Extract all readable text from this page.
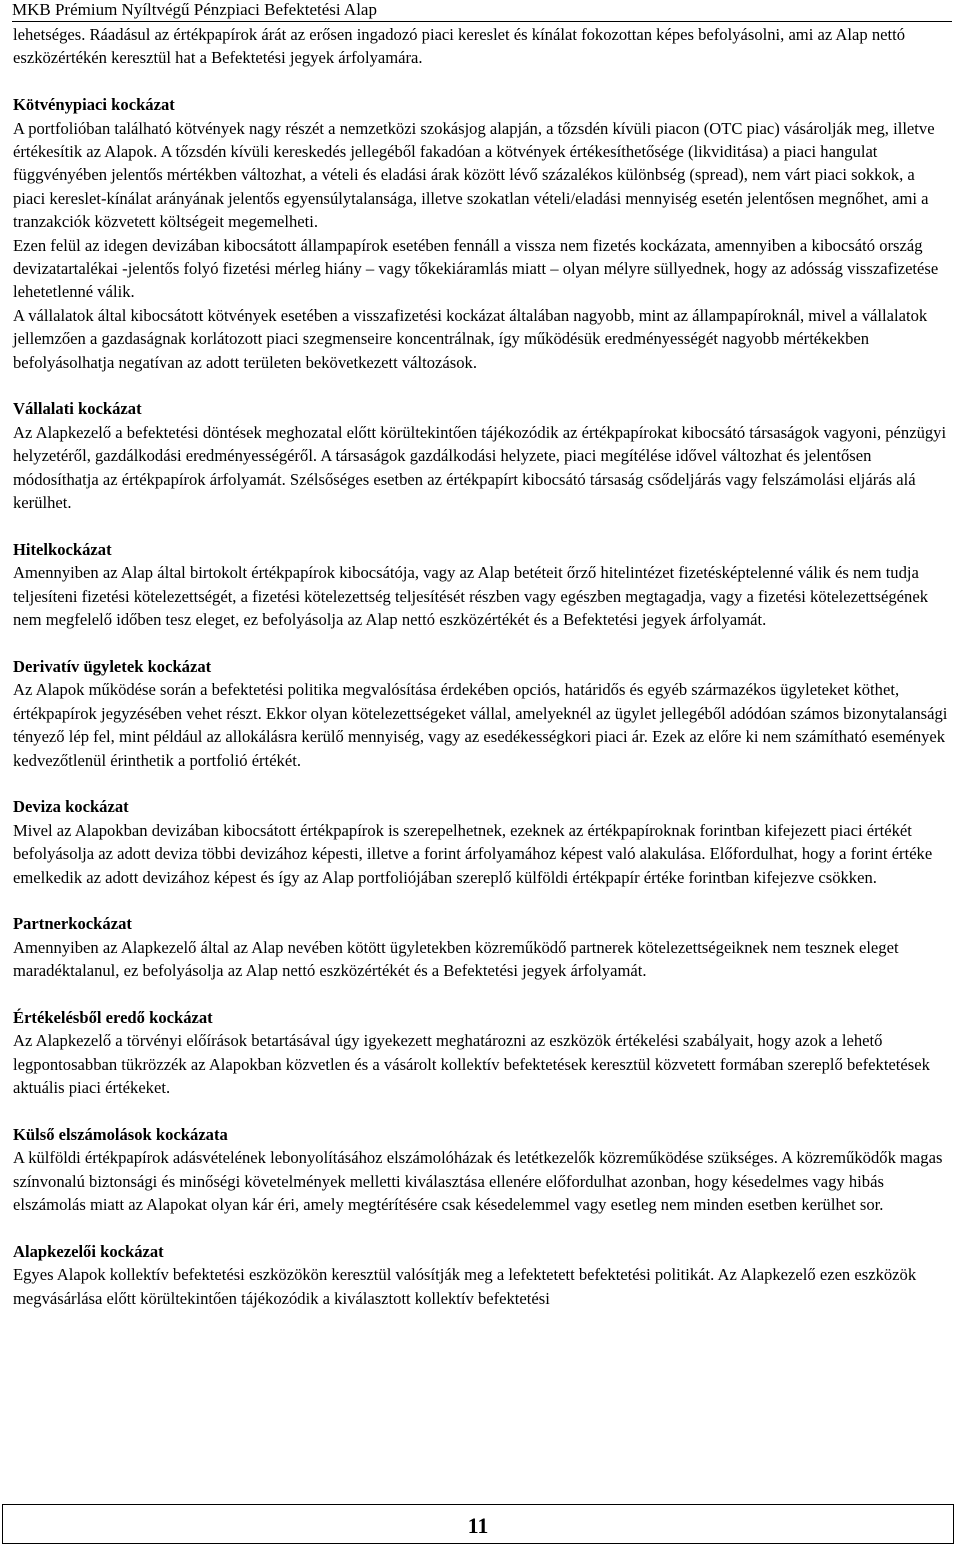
MKB Prémium Nyíltvégű Pénzpiaci Befektetési Alap

lehetséges. Ráadásul az értékpapírok árát az erősen ingadozó piaci kereslet és kínálat fokozottan képes befolyásolni, ami az Alap nettó eszközértékén keresztül hat a Befektetési jegyek árfolyamára.

Kötvénypiaci kockázat

A portfolióban található kötvények nagy részét a nemzetközi szokásjog alapján, a tőzsdén kívüli piacon (OTC piac) vásárolják meg, illetve értékesítik az Alapok. A tőzsdén kívüli kereskedés jellegéből fakadóan a kötvények értékesíthetősége (likviditása) a piaci hangulat függvényében jelentős mértékben változhat, a vételi és eladási árak között lévő százalékos különbség (spread), nem várt piaci sokkok, a piaci kereslet-kínálat arányának jelentős egyensúlytalansága, illetve szokatlan vételi/eladási mennyiség esetén jelentősen megnőhet, ami a tranzakciók közvetett költségeit megemelheti.

Ezen felül az idegen devizában kibocsátott állampapírok esetében fennáll a vissza nem fizetés kockázata, amennyiben a kibocsátó ország devizatartalékai -jelentős folyó fizetési mérleg hiány – vagy tőkekiáramlás miatt – olyan mélyre süllyednek, hogy az adósság visszafizetése lehetetlenné válik.

A vállalatok által kibocsátott kötvények esetében a visszafizetési kockázat általában nagyobb, mint az állampapíroknál, mivel a vállalatok jellemzően a gazdaságnak korlátozott piaci szegmenseire koncentrálnak, így működésük eredményességét nagyobb mértékekben befolyásolhatja negatívan az adott területen bekövetkezett változások.

Vállalati kockázat

Az Alapkezelő a befektetési döntések meghozatal előtt körültekintően tájékozódik az értékpapírokat kibocsátó társaságok vagyoni, pénzügyi helyzetéről, gazdálkodási eredményességéről. A társaságok gazdálkodási helyzete, piaci megítélése idővel változhat és jelentősen módosíthatja az értékpapírok árfolyamát. Szélsőséges esetben az értékpapírt kibocsátó társaság csődeljárás vagy felszámolási eljárás alá kerülhet.

Hitelkockázat

Amennyiben az Alap által birtokolt értékpapírok kibocsátója, vagy az Alap betéteit őrző hitelintézet fizetésképtelenné válik és nem tudja teljesíteni fizetési kötelezettségét, a fizetési kötelezettség teljesítését részben vagy egészben megtagadja, vagy a fizetési kötelezettségének nem megfelelő időben tesz eleget, ez befolyásolja az Alap nettó eszközértékét és a Befektetési jegyek árfolyamát.

Derivatív ügyletek kockázat

Az Alapok működése során a befektetési politika megvalósítása érdekében opciós, határidős és egyéb származékos ügyleteket köthet, értékpapírok jegyzésében vehet részt. Ekkor olyan kötelezettségeket vállal, amelyeknél az ügylet jellegéből adódóan számos bizonytalansági tényező lép fel, mint például az allokálásra kerülő mennyiség, vagy az esedékességkori piaci ár. Ezek az előre ki nem számítható események kedvezőtlenül érinthetik a portfolió értékét.

Deviza kockázat

Mivel az Alapokban devizában kibocsátott értékpapírok is szerepelhetnek, ezeknek az értékpapíroknak forintban kifejezett piaci értékét befolyásolja az adott deviza többi devizához képesti, illetve a forint árfolyamához képest való alakulása. Előfordulhat, hogy a forint értéke emelkedik az adott devizához képest és így az Alap portfoliójában szereplő külföldi értékpapír értéke forintban kifejezve csökken.

Partnerkockázat

Amennyiben az Alapkezelő által az Alap nevében kötött ügyletekben közreműködő partnerek kötelezettségeiknek nem tesznek eleget maradéktalanul, ez befolyásolja az Alap nettó eszközértékét és a Befektetési jegyek árfolyamát.

Értékelésből eredő kockázat

Az Alapkezelő a törvényi előírások betartásával úgy igyekezett meghatározni az eszközök értékelési szabályait, hogy azok a lehető legpontosabban tükrözzék az Alapokban közvetlen és a vásárolt kollektív befektetések keresztül közvetett formában szereplő befektetések aktuális piaci értékeket.

Külső elszámolások kockázata

A külföldi értékpapírok adásvételének lebonyolításához elszámolóházak és letétkezelők közreműködése szükséges. A közreműködők magas színvonalú biztonsági és minőségi követelmények melletti kiválasztása ellenére előfordulhat azonban, hogy késedelmes vagy hibás elszámolás miatt az Alapokat olyan kár éri, amely megtérítésére csak késedelemmel vagy esetleg nem minden esetben kerülhet sor.

Alapkezelői kockázat

Egyes Alapok kollektív befektetési eszközökön keresztül valósítják meg a lefektetett befektetési politikát. Az Alapkezelő ezen eszközök megvásárlása előtt körültekintően tájékozódik a kiválasztott kollektív befektetési

11
